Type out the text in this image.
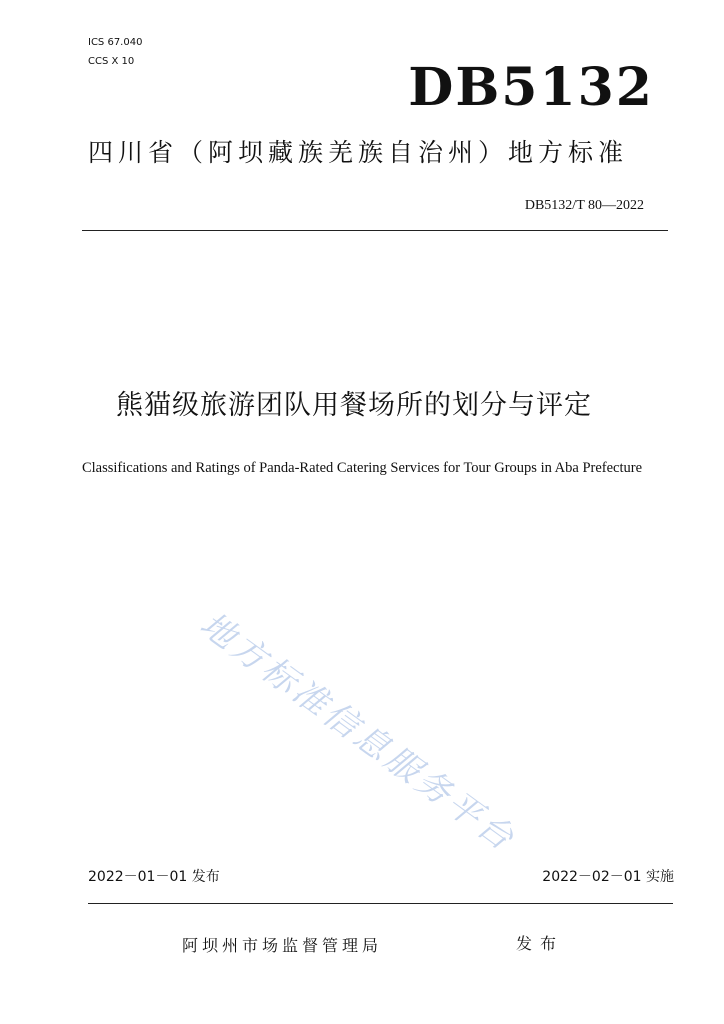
ICS 67.040
CCS X 10	DB5132
四川省（阿坝藏族羌族自治州）地方标准
DB5132/T 80—2022
熊猫级旅游团队用餐场所的划分与评定
Classifications and Ratings of Panda-Rated Catering Services for Tour Groups in Aba Prefecture
地方标准信息服务平台
2022－01－01 发布	2022－02－01 实施
阿坝州市场监督管理局	发布
